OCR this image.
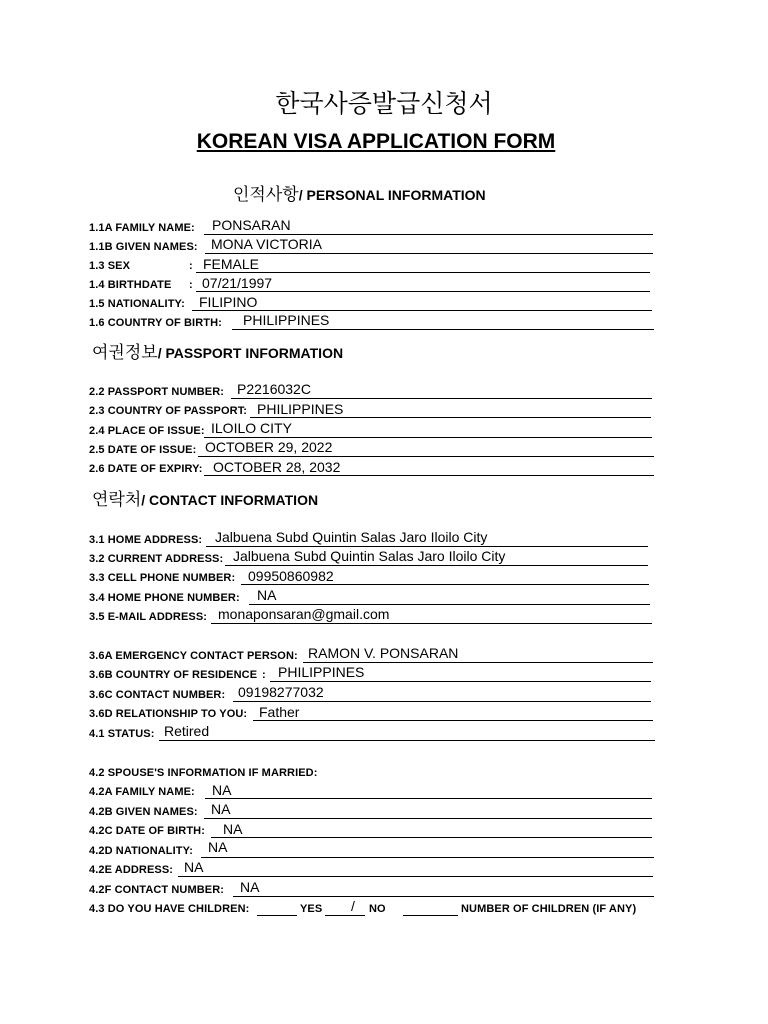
한국사증발급신청서
KOREAN VISA APPLICATION FORM
인적사항/ PERSONAL INFORMATION
1.1A FAMILY NAME: PONSARAN
1.1B GIVEN NAMES: MONA VICTORIA
1.3 SEX	: FEMALE
1.4 BIRTHDATE : 07/21/1997
1.5 NATIONALITY: FILIPINO
1.6 COUNTRY OF BIRTH: PHILIPPINES
여권정보/ PASSPORT INFORMATION
2.2 PASSPORT NUMBER: P2216032C
2.3 COUNTRY OF PASSPORT: PHILIPPINES
2.4 PLACE OF ISSUE: ILOILO CITY
2.5 DATE OF ISSUE: OCTOBER 29, 2022
2.6 DATE OF EXPIRY: OCTOBER 28, 2032
연락처/ CONTACT INFORMATION
3.1 HOME ADDRESS: Jalbuena Subd Quintin Salas Jaro Iloilo City
3.2 CURRENT ADDRESS: Jalbuena Subd Quintin Salas Jaro Iloilo City
3.3 CELL PHONE NUMBER: 09950860982
3.4 HOME PHONE NUMBER: NA
3.5 E-MAIL ADDRESS: monaponsaran@gmail.com
3.6A EMERGENCY CONTACT PERSON: RAMON V. PONSARAN
3.6B COUNTRY OF RESIDENCE : PHILIPPINES
3.6C CONTACT NUMBER: 09198277032
3.6D RELATIONSHIP TO YOU: Father
4.1 STATUS: Retired
4.2 SPOUSE'S INFORMATION IF MARRIED:
4.2A FAMILY NAME: NA
4.2B GIVEN NAMES: NA
4.2C DATE OF BIRTH: NA
4.2D NATIONALITY: NA
4.2E ADDRESS: NA
4.2F CONTACT NUMBER: NA
4.3 DO YOU HAVE CHILDREN:	YES / NO	NUMBER OF CHILDREN (IF ANY)
